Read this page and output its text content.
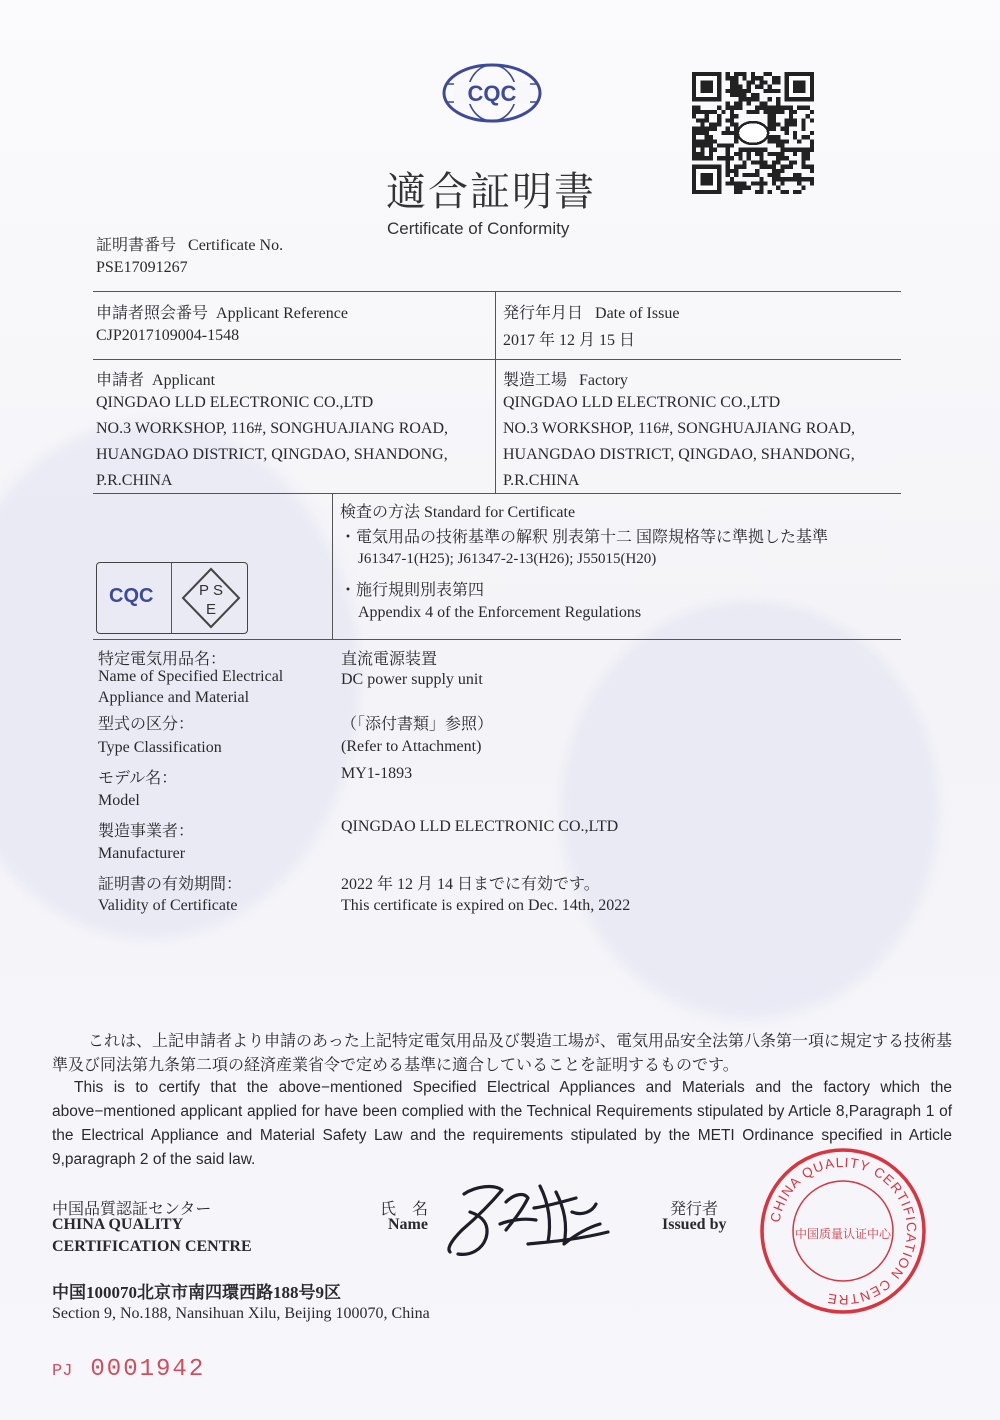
CQC
適合証明書
Certificate of Conformity
証明書番号 Certificate No.
PSE17091267
申請者照会番号 Applicant Reference
CJP2017109004-1548
発行年月日 Date of Issue
2017 年 12 月 15 日
申請者 Applicant
QINGDAO LLD ELECTRONIC CO.,LTD
NO.3 WORKSHOP, 116#, SONGHUAJIANG ROAD,
HUANGDAO DISTRICT, QINGDAO, SHANDONG,
P.R.CHINA
製造工場 Factory
QINGDAO LLD ELECTRONIC CO.,LTD
NO.3 WORKSHOP, 116#, SONGHUAJIANG ROAD,
HUANGDAO DISTRICT, QINGDAO, SHANDONG,
P.R.CHINA
検査の方法 Standard for Certificate
・電気用品の技術基準の解釈 別表第十二 国際規格等に準拠した基準
J61347-1(H25); J61347-2-13(H26); J55015(H20)
・施行規則別表第四
Appendix 4 of the Enforcement Regulations
CQC	P S
E
特定電気用品名：
Name of Specified Electrical
Appliance and Material
直流電源装置
DC power supply unit
型式の区分：
Type Classification
（「添付書類」参照）
(Refer to Attachment)
モデル名：
Model
MY1-1893
製造事業者：
Manufacturer
QINGDAO LLD ELECTRONIC CO.,LTD
証明書の有効期間：
Validity of Certificate
2022 年 12 月 14 日までに有効です。
This certificate is expired on Dec. 14th, 2022
これは、上記申請者より申請のあった上記特定電気用品及び製造工場が、電気用品安全法第八条第一項に規定する技術基準及び同法第九条第二項の経済産業省令で定める基準に適合していることを証明するものです。
This is to certify that the above−mentioned Specified Electrical Appliances and Materials and the factory which the above−mentioned applicant applied for have been complied with the Technical Requirements stipulated by Article 8,Paragraph 1 of the Electrical Appliance and Material Safety Law and the requirements stipulated by the METI Ordinance specified in Article 9,paragraph 2 of the said law.
中国品質認証センター
CHINA QUALITY
CERTIFICATION CENTRE
氏 名
Name
発行者
Issued by	CHINA QUALITY CERTIFICATION CENTRE
中国质量认证中心
中国100070北京市南四環西路188号9区
Section 9, No.188, Nansihuan Xilu, Beijing 100070, China
PJ 0001942
